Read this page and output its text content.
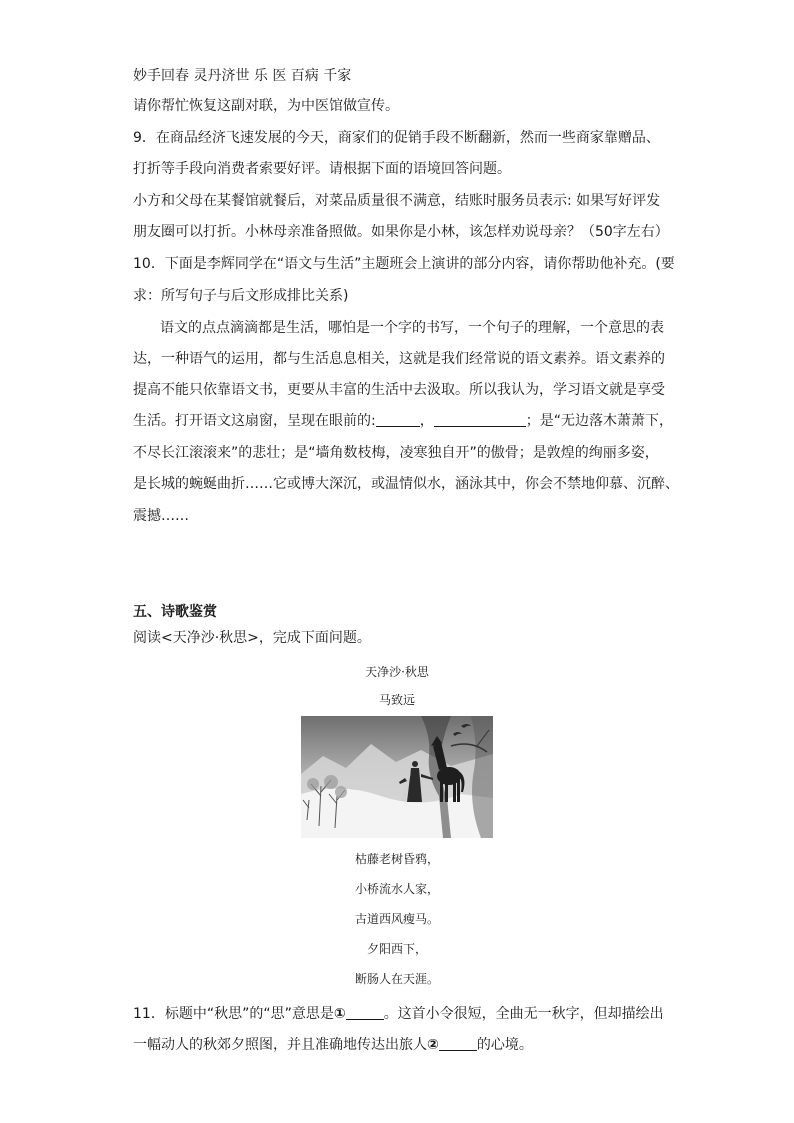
妙手回春 灵丹济世 乐 医 百病 千家
请你帮忙恢复这副对联，为中医馆做宣传。
9．在商品经济飞速发展的今天，商家们的促销手段不断翻新，然而一些商家靠赠品、
打折等手段向消费者索要好评。请根据下面的语境回答问题。
小方和父母在某餐馆就餐后，对菜品质量很不满意，结账时服务员表示: 如果写好评发
朋友圈可以打折。小林母亲准备照做。如果你是小林，该怎样劝说母亲？（50字左右）
10．下面是李辉同学在“语文与生活”主题班会上演讲的部分内容，请你帮助他补充。(要
求：所写句子与后文形成排比关系)
语文的点点滴滴都是生活，哪怕是一个字的书写，一个句子的理解，一个意思的表
达，一种语气的运用，都与生活息息相关，这就是我们经常说的语文素养。语文素养的
提高不能只依靠语文书，更要从丰富的生活中去汲取。所以我认为，学习语文就是享受
生活。打开语文这扇窗，呈现在眼前的:	，	；是“无边落木萧萧下，
不尽长江滚滚来”的悲壮；是“墙角数枝梅，凌寒独自开”的傲骨；是敦煌的绚丽多姿，
是长城的蜿蜒曲折……它或博大深沉，或温情似水，涵泳其中，你会不禁地仰慕、沉醉、
震撼……
五、诗歌鉴赏
阅读<天净沙·秋思>，完成下面问题。
天净沙·秋思
马致远
枯藤老树昏鸦，
小桥流水人家，
古道西风瘦马。
夕阳西下，
断肠人在天涯。
11．标题中“秋思”的“思”意思是①	。这首小令很短，全曲无一秋字，但却描绘出
一幅动人的秋郊夕照图，并且准确地传达出旅人②	的心境。
